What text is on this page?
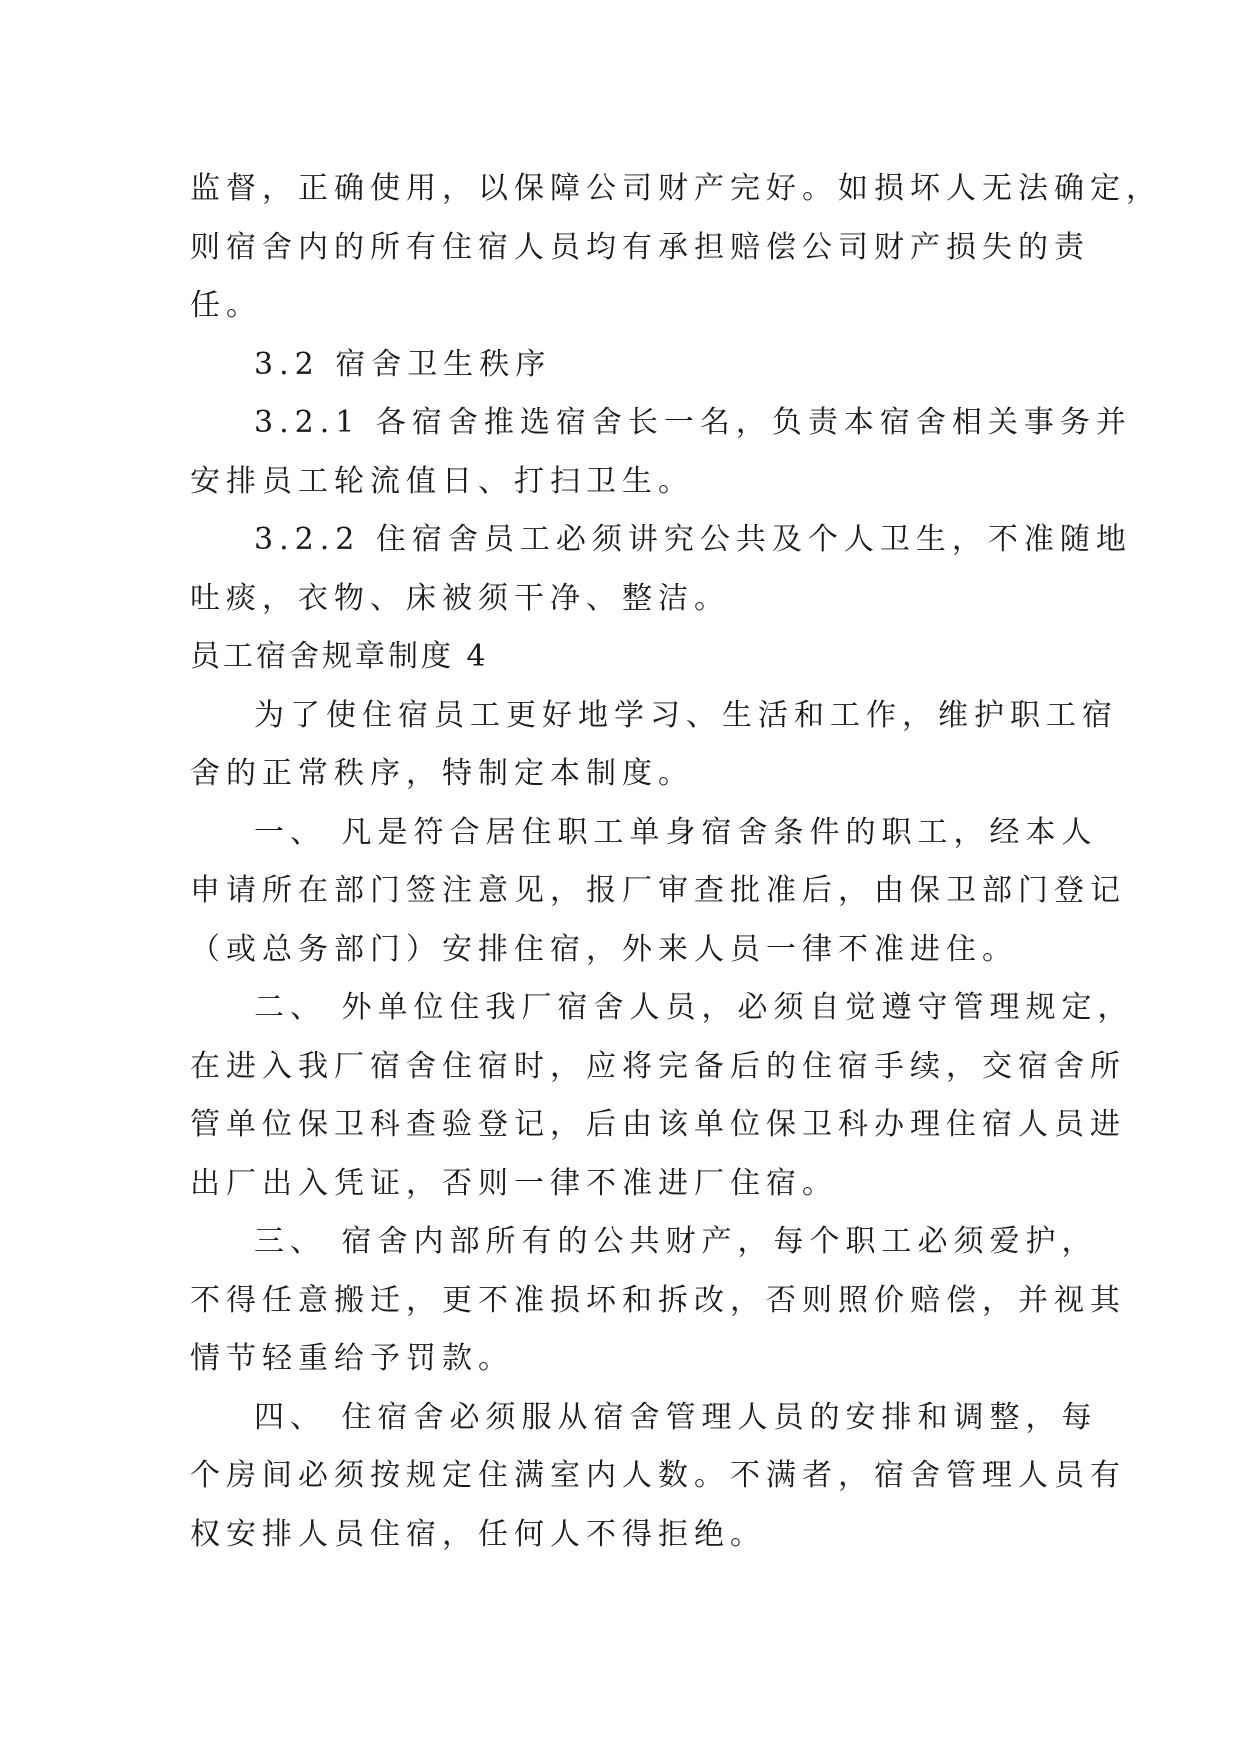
监督，正确使用，以保障公司财产完好。如损坏人无法确定，
则宿舍内的所有住宿人员均有承担赔偿公司财产损失的责
任。
3.2 宿舍卫生秩序
3.2.1 各宿舍推选宿舍长一名，负责本宿舍相关事务并
安排员工轮流值日、打扫卫生。
3.2.2 住宿舍员工必须讲究公共及个人卫生，不准随地
吐痰，衣物、床被须干净、整洁。
员工宿舍规章制度 4
为了使住宿员工更好地学习、生活和工作，维护职工宿
舍的正常秩序，特制定本制度。
一、 凡是符合居住职工单身宿舍条件的职工，经本人
申请所在部门签注意见，报厂审查批准后，由保卫部门登记
（或总务部门）安排住宿，外来人员一律不准进住。
二、 外单位住我厂宿舍人员，必须自觉遵守管理规定，
在进入我厂宿舍住宿时，应将完备后的住宿手续，交宿舍所
管单位保卫科查验登记，后由该单位保卫科办理住宿人员进
出厂出入凭证，否则一律不准进厂住宿。
三、 宿舍内部所有的公共财产，每个职工必须爱护，
不得任意搬迁，更不准损坏和拆改，否则照价赔偿，并视其
情节轻重给予罚款。
四、 住宿舍必须服从宿舍管理人员的安排和调整，每
个房间必须按规定住满室内人数。不满者，宿舍管理人员有
权安排人员住宿，任何人不得拒绝。
